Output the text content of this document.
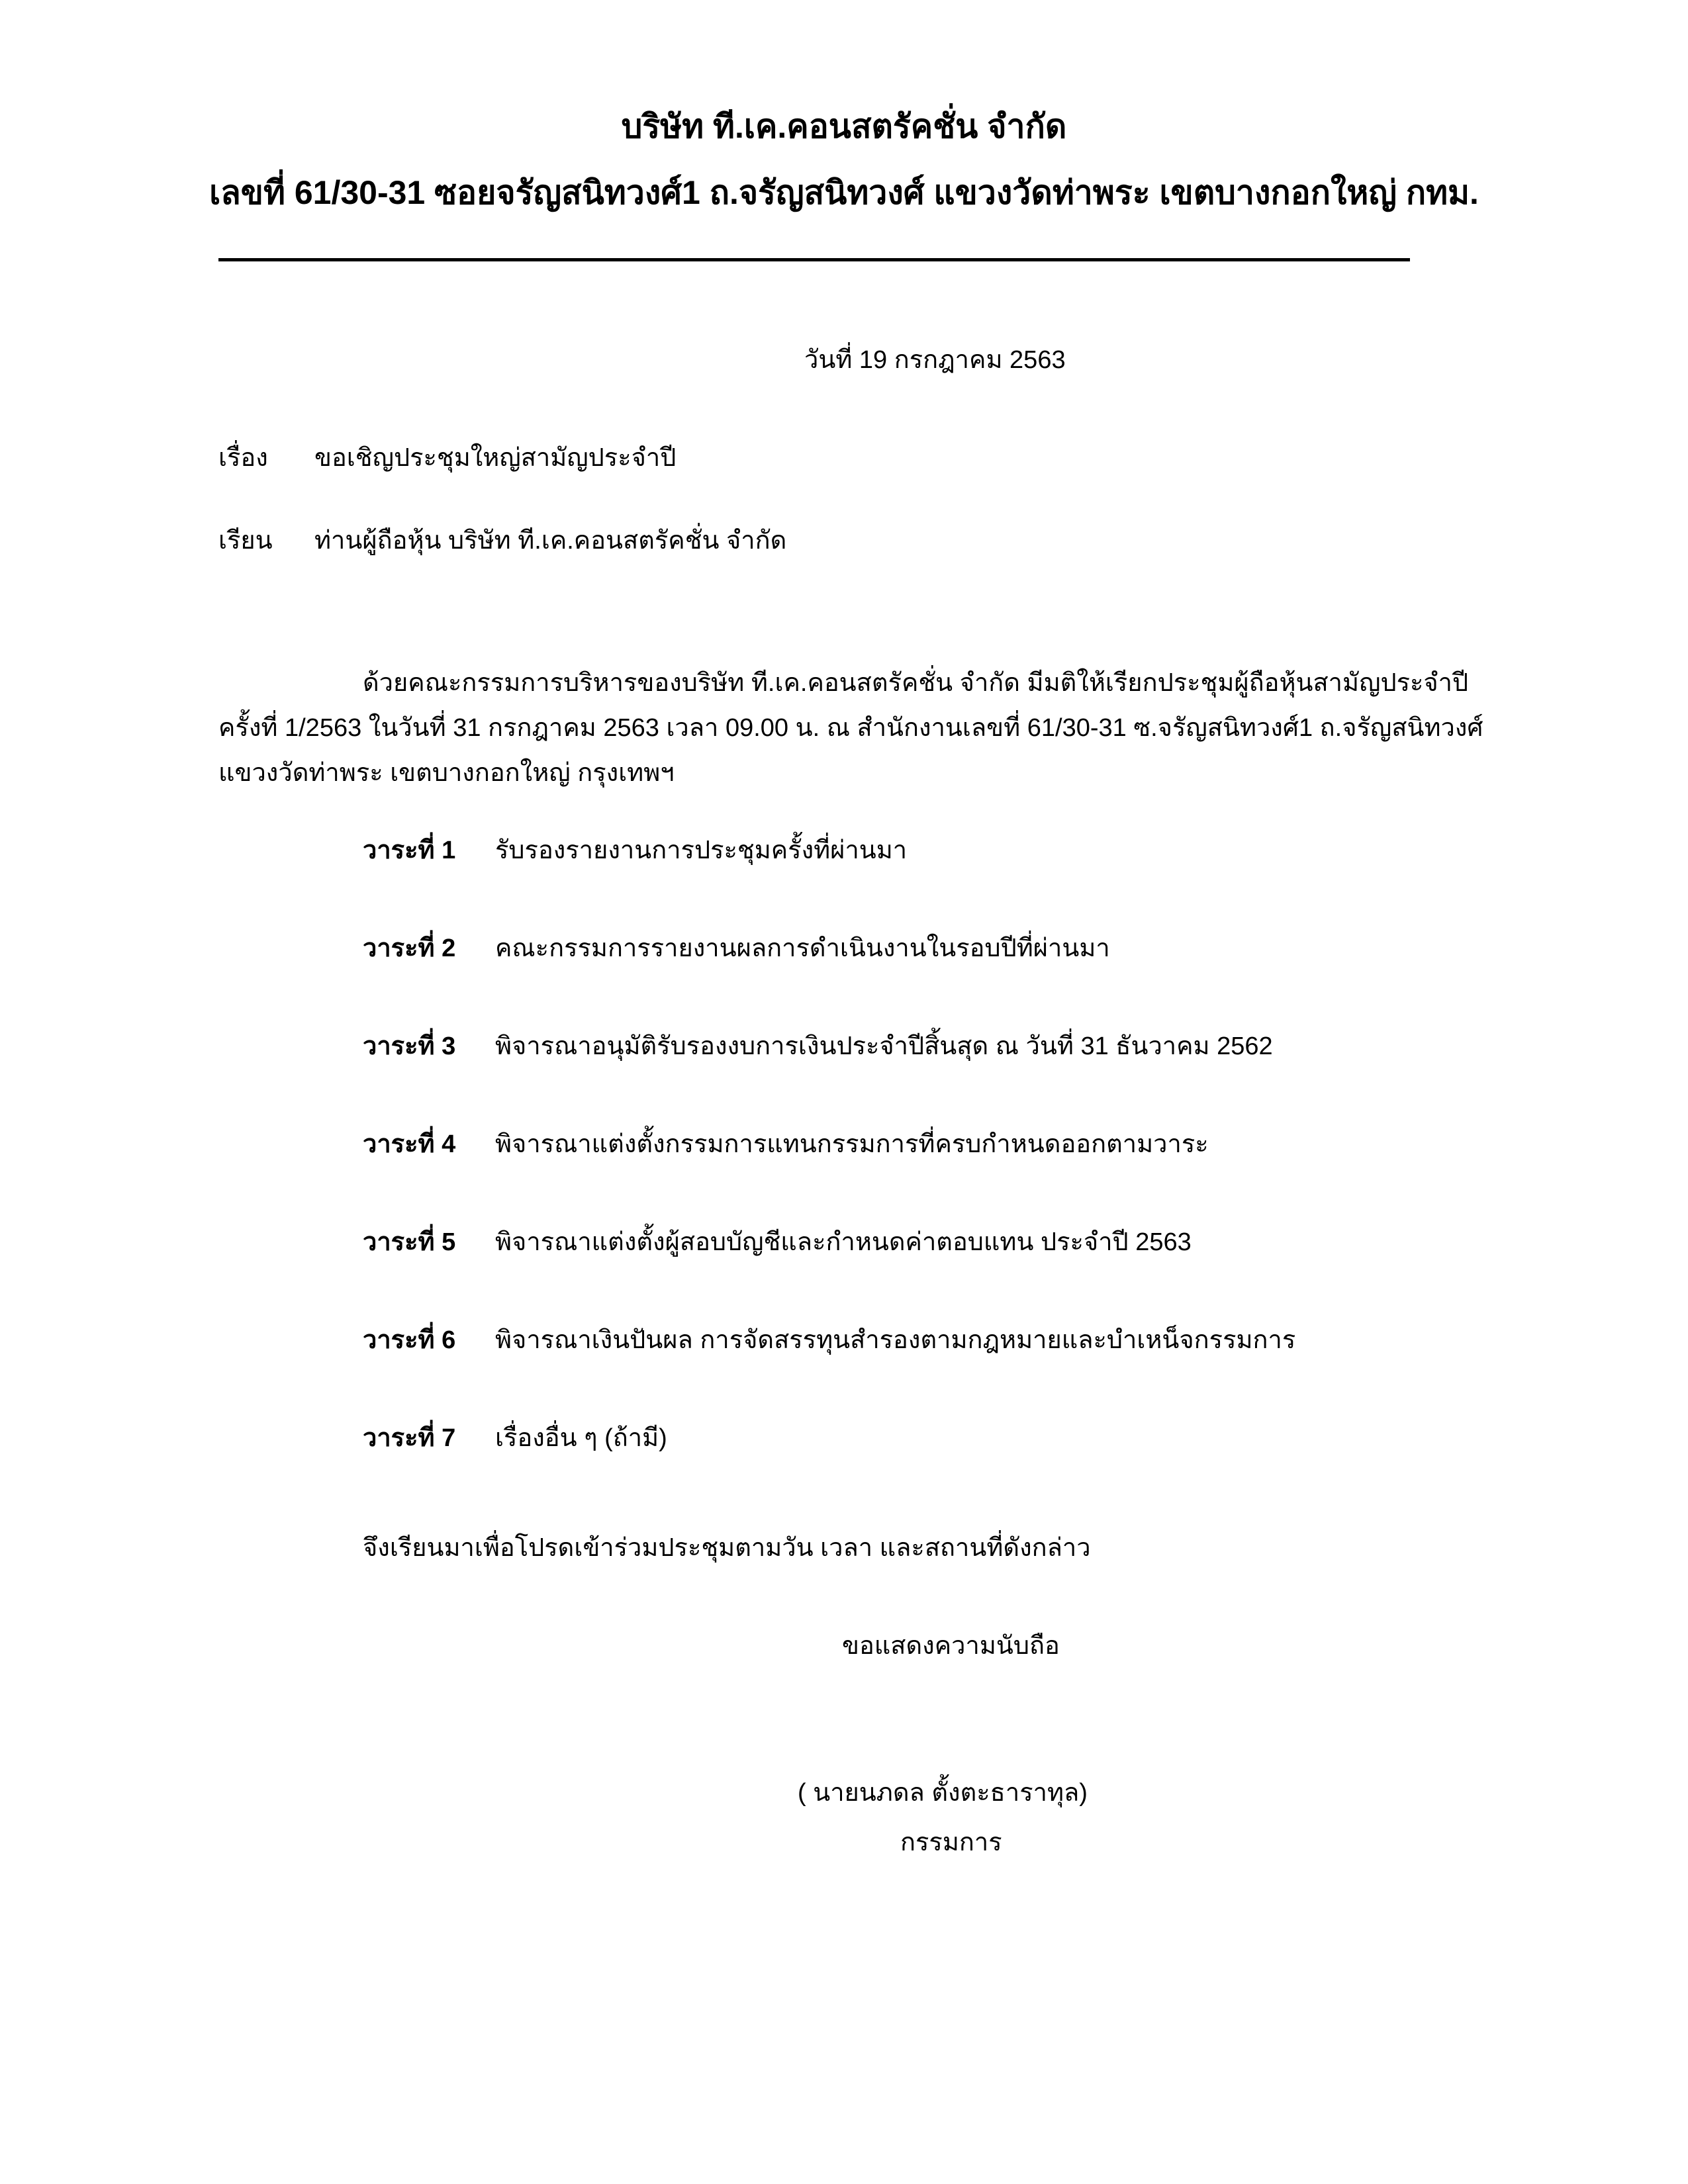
บริษัท ที.เค.คอนสตรัคชั่น จำกัด
เลขที่ 61/30-31 ซอยจรัญสนิทวงศ์1 ถ.จรัญสนิทวงศ์ แขวงวัดท่าพระ เขตบางกอกใหญ่ กทม.
วันที่ 19 กรกฎาคม 2563
เรื่อง ขอเชิญประชุมใหญ่สามัญประจำปี
เรียน ท่านผู้ถือหุ้น บริษัท ที.เค.คอนสตรัคชั่น จำกัด
ด้วยคณะกรรมการบริหารของบริษัท ที.เค.คอนสตรัคชั่น จำกัด มีมติให้เรียกประชุมผู้ถือหุ้นสามัญประจำปี
ครั้งที่ 1/2563 ในวันที่ 31 กรกฎาคม 2563 เวลา 09.00 น. ณ สำนักงานเลขที่ 61/30-31 ซ.จรัญสนิทวงศ์1 ถ.จรัญสนิทวงศ์
แขวงวัดท่าพระ เขตบางกอกใหญ่ กรุงเทพฯ
วาระที่ 1 รับรองรายงานการประชุมครั้งที่ผ่านมา
วาระที่ 2 คณะกรรมการรายงานผลการดำเนินงานในรอบปีที่ผ่านมา
วาระที่ 3 พิจารณาอนุมัติรับรองงบการเงินประจำปีสิ้นสุด ณ วันที่ 31 ธันวาคม 2562
วาระที่ 4 พิจารณาแต่งตั้งกรรมการแทนกรรมการที่ครบกำหนดออกตามวาระ
วาระที่ 5 พิจารณาแต่งตั้งผู้สอบบัญชีและกำหนดค่าตอบแทน ประจำปี 2563
วาระที่ 6 พิจารณาเงินปันผล การจัดสรรทุนสำรองตามกฎหมายและบำเหน็จกรรมการ
วาระที่ 7 เรื่องอื่น ๆ (ถ้ามี)
จึงเรียนมาเพื่อโปรดเข้าร่วมประชุมตามวัน เวลา และสถานที่ดังกล่าว
ขอแสดงความนับถือ
( นายนภดล ตั้งตะธาราทุล)
กรรมการ
